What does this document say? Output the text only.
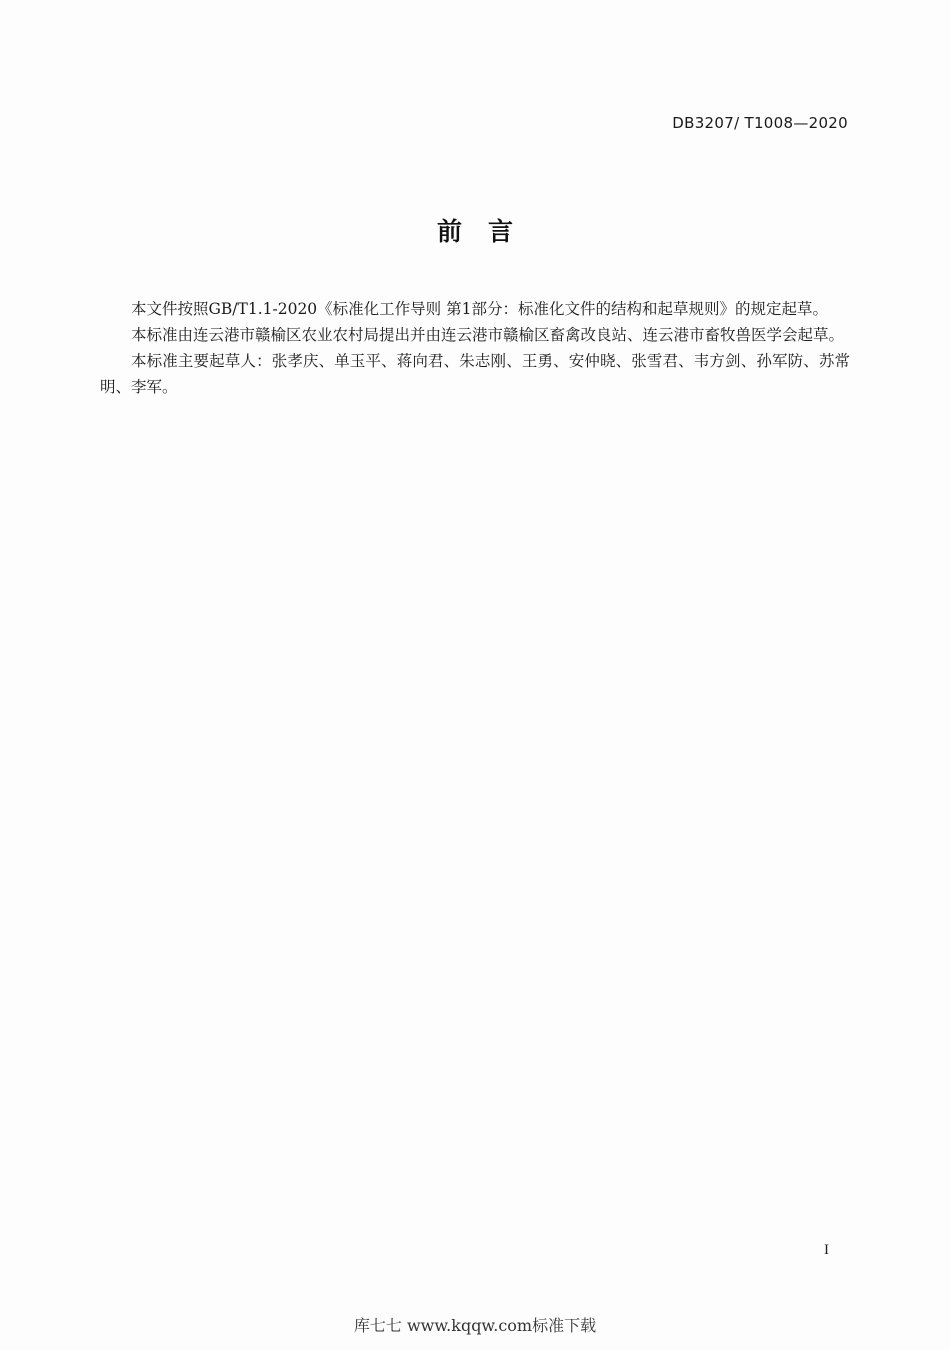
DB3207/ T1008—2020
前言

本文件按照GB/T1.1-2020《标准化工作导则 第1部分：标准化文件的结构和起草规则》的规定起草。

本标准由连云港市赣榆区农业农村局提出并由连云港市赣榆区畜禽改良站、连云港市畜牧兽医学会起草。

本标准主要起草人：张孝庆、单玉平、蒋向君、朱志刚、王勇、安仲晓、张雪君、韦方剑、孙军防、苏常明、李军。

I
库七七 www.kqqw.com标准下载
